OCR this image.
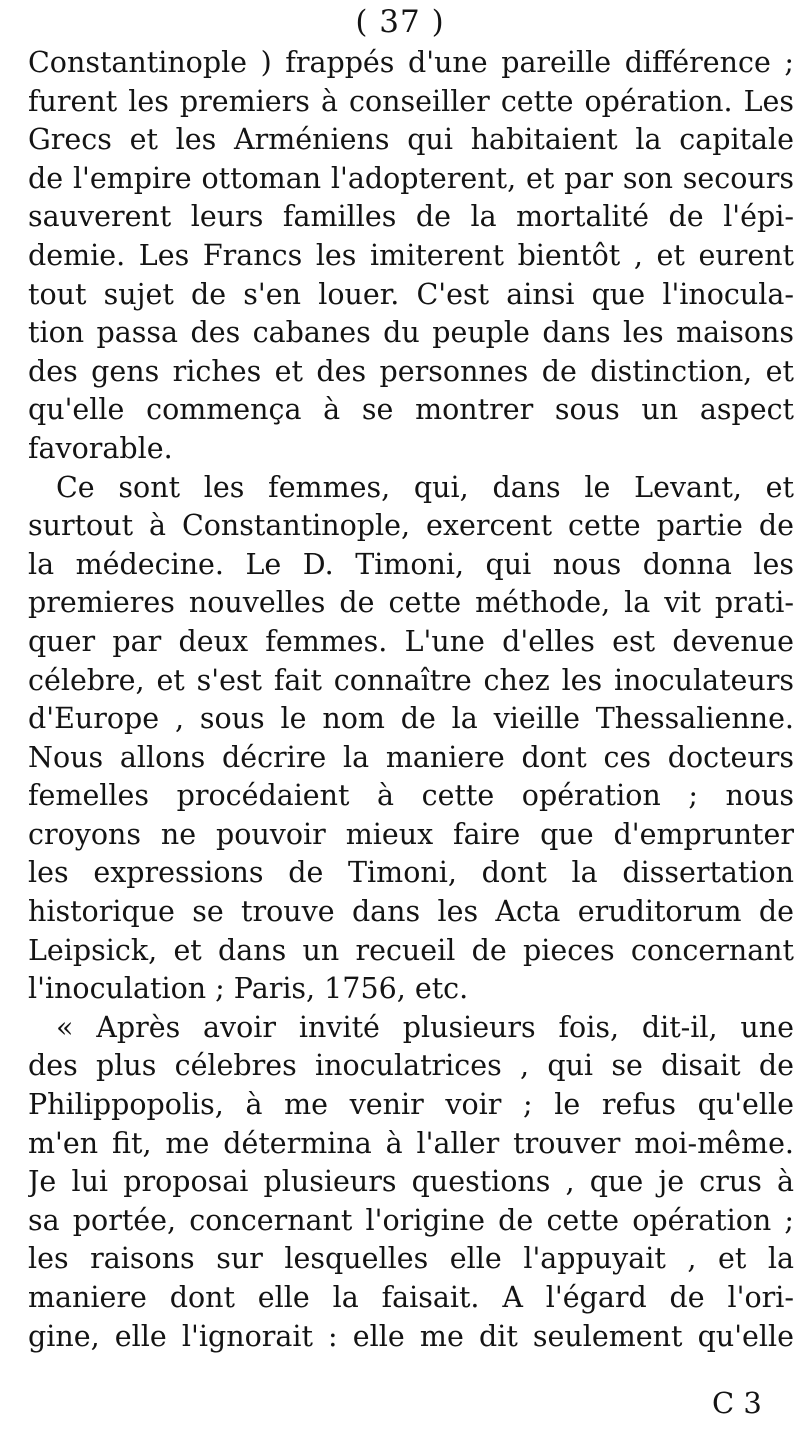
( 37 )
Constantinople ) frappés d'une pareille différence ;
furent les premiers à conseiller cette opération. Les
Grecs et les Arméniens qui habitaient la capitale
de l'empire ottoman l'adopterent, et par son secours
sauverent leurs familles de la mortalité de l'épi-
demie. Les Francs les imiterent bientôt , et eurent
tout sujet de s'en louer. C'est ainsi que l'inocula-
tion passa des cabanes du peuple dans les maisons
des gens riches et des personnes de distinction, et
qu'elle commença à se montrer sous un aspect
favorable.
Ce sont les femmes, qui, dans le Levant, et
surtout à Constantinople, exercent cette partie de
la médecine. Le D. Timoni, qui nous donna les
premieres nouvelles de cette méthode, la vit prati-
quer par deux femmes. L'une d'elles est devenue
célebre, et s'est fait connaître chez les inoculateurs
d'Europe , sous le nom de la vieille Thessalienne.
Nous allons décrire la maniere dont ces docteurs
femelles procédaient à cette opération ; nous
croyons ne pouvoir mieux faire que d'emprunter
les expressions de Timoni, dont la dissertation
historique se trouve dans les Acta eruditorum de
Leipsick, et dans un recueil de pieces concernant
l'inoculation ; Paris, 1756, etc.
« Après avoir invité plusieurs fois, dit-il, une
des plus célebres inoculatrices , qui se disait de
Philippopolis, à me venir voir ; le refus qu'elle
m'en fit, me détermina à l'aller trouver moi-même.
Je lui proposai plusieurs questions , que je crus à
sa portée, concernant l'origine de cette opération ;
les raisons sur lesquelles elle l'appuyait , et la
maniere dont elle la faisait. A l'égard de l'ori-
gine, elle l'ignorait : elle me dit seulement qu'elle
C 3
